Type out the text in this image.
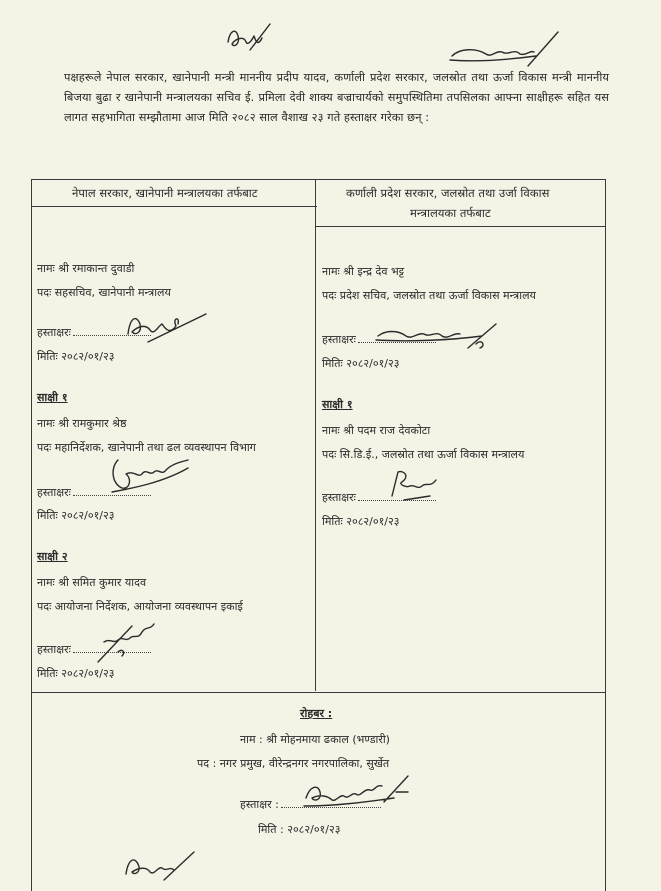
पक्षहरूले नेपाल सरकार, खानेपानी मन्त्री माननीय प्रदीप यादव, कर्णाली प्रदेश सरकार, जलस्रोत तथा ऊर्जा विकास मन्त्री माननीय बिजया बुढा र खानेपानी मन्त्रालयका सचिव ई. प्रमिला देवी शाक्य बज्राचार्यको समुपस्थितिमा तपसिलका आफ्ना साक्षीहरू सहित यस लागत सहभागिता सम्झौतामा आज मिति २०८२ साल वैशाख २३ गते हस्ताक्षर गरेका छन् :
नेपाल सरकार, खानेपानी मन्त्रालयका तर्फबाट
नामः श्री रमाकान्त दुवाडी
पदः सहसचिव, खानेपानी मन्त्रालय
हस्ताक्षरः
मितिः २०८२/०१/२३
साक्षी १
नामः श्री रामकुमार श्रेष्ठ
पदः महानिर्देशक, खानेपानी तथा ढल व्यवस्थापन विभाग
हस्ताक्षरः
मितिः २०८२/०१/२३
साक्षी २
नामः श्री समित कुमार यादव
पदः आयोजना निर्देशक, आयोजना व्यवस्थापन इकाई
हस्ताक्षरः
मितिः २०८२/०१/२३
कर्णाली प्रदेश सरकार, जलस्रोत तथा उर्जा विकास
मन्त्रालयका तर्फबाट
नामः श्री इन्द्र देव भट्ट
पदः प्रदेश सचिव, जलस्रोत तथा ऊर्जा विकास मन्त्रालय
हस्ताक्षरः
मितिः २०८२/०१/२३
साक्षी १
नामः श्री पदम राज देवकोटा
पदः सि.डि.ई., जलस्रोत तथा ऊर्जा विकास मन्त्रालय
हस्ताक्षरः
मितिः २०८२/०१/२३
रोहबर :
नाम : श्री मोहनमाया ढकाल (भण्डारी)
पद : नगर प्रमुख, वीरेन्द्रनगर नगरपालिका, सुर्खेत
हस्ताक्षर :
मिति : २०८२/०१/२३
